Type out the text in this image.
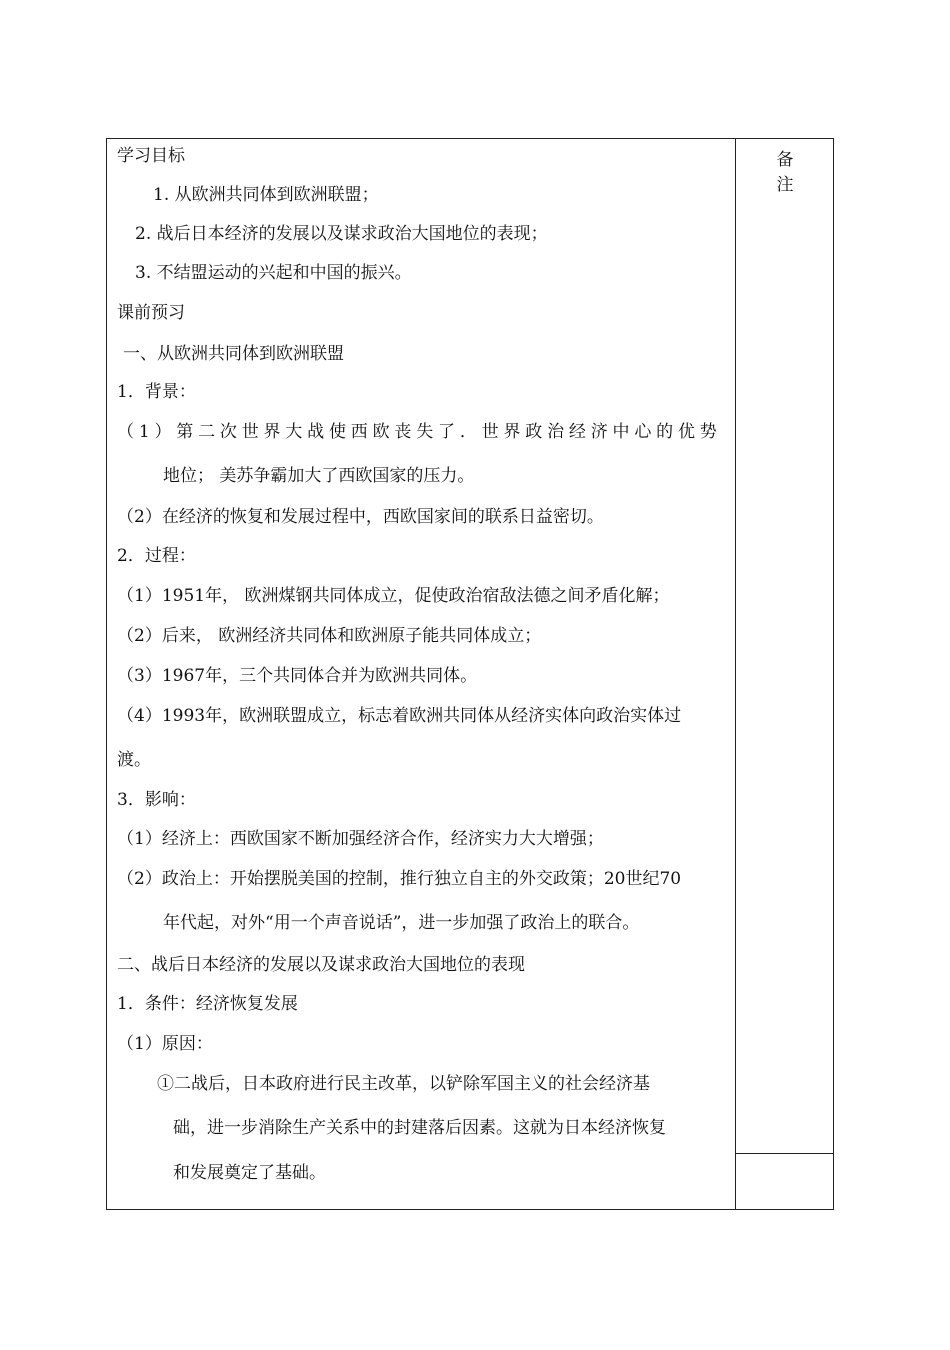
备 注
学习目标
1. 从欧洲共同体到欧洲联盟；
2. 战后日本经济的发展以及谋求政治大国地位的表现；
3. 不结盟运动的兴起和中国的振兴。
课前预习
一、从欧洲共同体到欧洲联盟
1．背景：
（ 1 ） 第 二 次 世 界 大 战 使 西 欧 丧 失 了 ． 世 界 政 治 经 济 中 心 的 优 势
地位； 美苏争霸加大了西欧国家的压力。
（2）在经济的恢复和发展过程中，西欧国家间的联系日益密切。
2．过程：
（1）1951年， 欧洲煤钢共同体成立，促使政治宿敌法德之间矛盾化解；
（2）后来， 欧洲经济共同体和欧洲原子能共同体成立；
（3）1967年，三个共同体合并为欧洲共同体。
（4）1993年，欧洲联盟成立，标志着欧洲共同体从经济实体向政治实体过
渡。
3．影响：
（1）经济上：西欧国家不断加强经济合作，经济实力大大增强；
（2）政治上：开始摆脱美国的控制，推行独立自主的外交政策；20世纪70
年代起，对外“用一个声音说话”，进一步加强了政治上的联合。
二、战后日本经济的发展以及谋求政治大国地位的表现
1．条件：经济恢复发展
（1）原因：
①二战后，日本政府进行民主改革，以铲除军国主义的社会经济基
础，进一步消除生产关系中的封建落后因素。这就为日本经济恢复
和发展奠定了基础。
